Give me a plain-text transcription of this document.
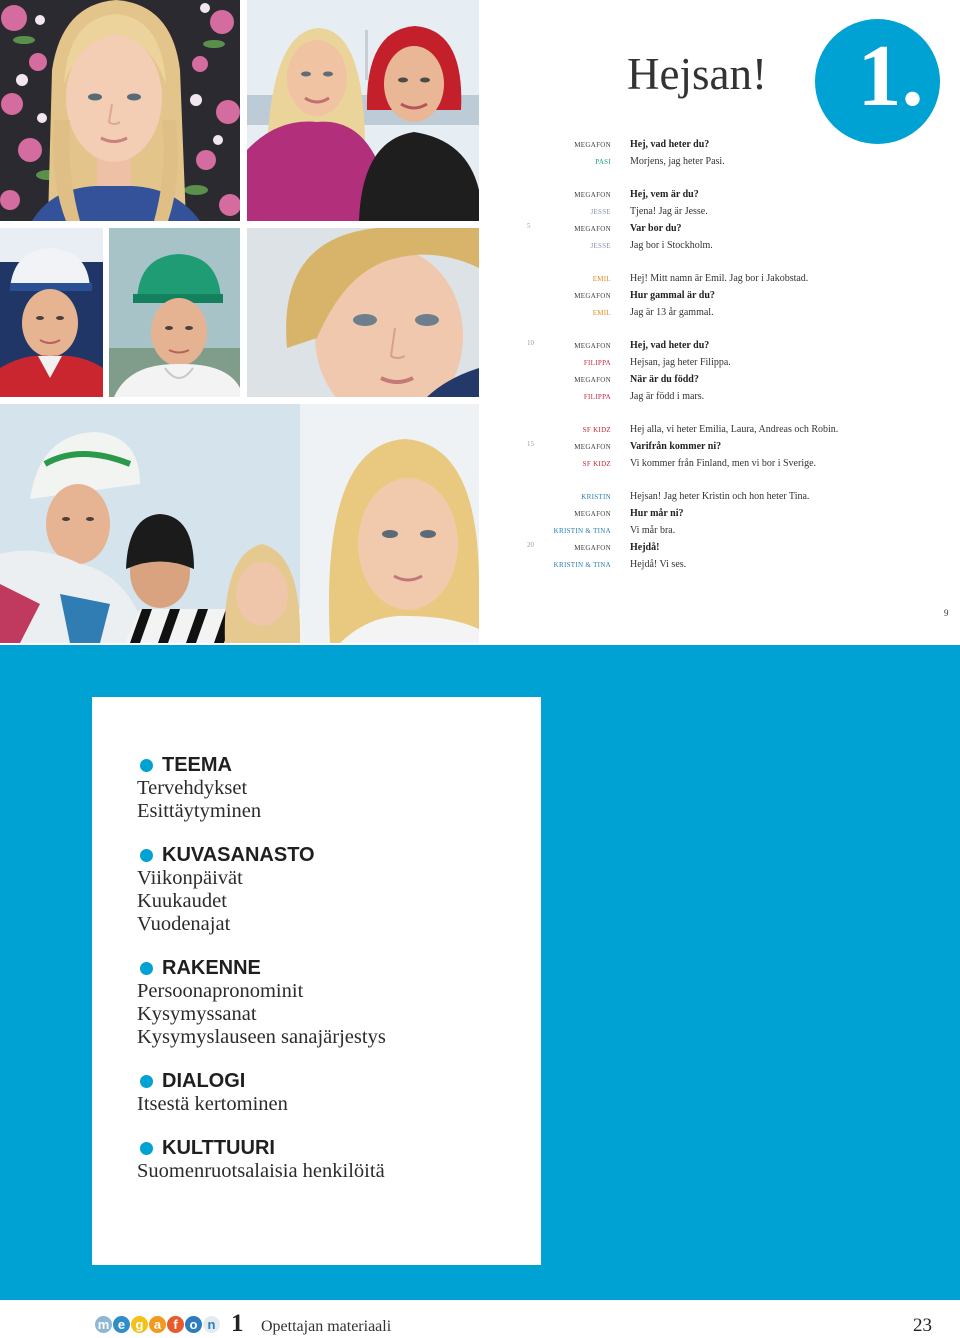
Hejsan! 1.
MEGAFON Hej, vad heter du?
PASI Morjens, jag heter Pasi.
MEGAFON Hej, vem är du?
JESSE Tjena! Jag är Jesse.
5	MEGAFON Var bor du?
JESSE Jag bor i Stockholm.
EMIL Hej! Mitt namn är Emil. Jag bor i Jakobstad.
MEGAFON Hur gammal är du?
EMIL Jag är 13 år gammal.
10	MEGAFON Hej, vad heter du?
FILIPPA Hejsan, jag heter Filippa.
MEGAFON När är du född?
FILIPPA Jag är född i mars.
SF KIDZ Hej alla, vi heter Emilia, Laura, Andreas och Robin.
15	MEGAFON Varifrån kommer ni?
SF KIDZ Vi kommer från Finland, men vi bor i Sverige.
KRISTIN Hejsan! Jag heter Kristin och hon heter Tina.
MEGAFON Hur mår ni?
KRISTIN & TINA Vi mår bra.
20	MEGAFON Hejdå!
KRISTIN & TINA Hejdå! Vi ses.
9
TEEMA
Tervehdykset
Esittäytyminen
KUVASANASTO
Viikonpäivät
Kuukaudet
Vuodenajat
RAKENNE
Persoonapronominit
Kysymyssanat
Kysymyslauseen sanajärjestys
DIALOGI
Itsestä kertominen
KULTTUURI
Suomenruotsalaisia henkilöitä
m e g a f o n 1 Opettajan materiaali	23
